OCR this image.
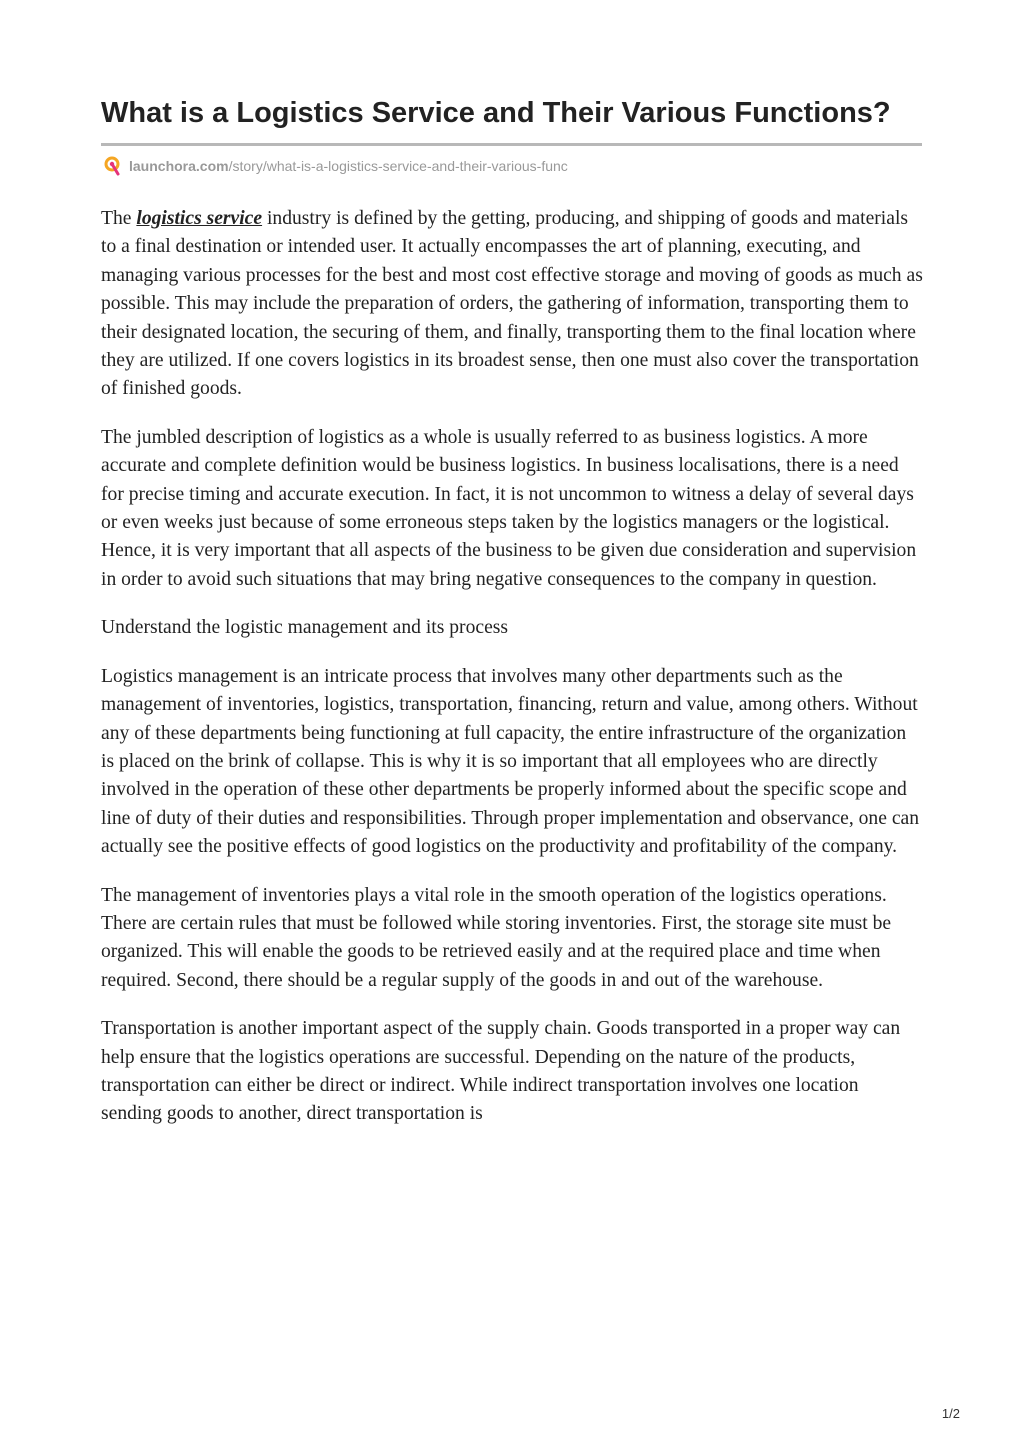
What is a Logistics Service and Their Various Functions?
launchora.com/story/what-is-a-logistics-service-and-their-various-func

The logistics service industry is defined by the getting, producing, and shipping of goods and materials to a final destination or intended user. It actually encompasses the art of planning, executing, and managing various processes for the best and most cost effective storage and moving of goods as much as possible. This may include the preparation of orders, the gathering of information, transporting them to their designated location, the securing of them, and finally, transporting them to the final location where they are utilized. If one covers logistics in its broadest sense, then one must also cover the transportation of finished goods.

The jumbled description of logistics as a whole is usually referred to as business logistics. A more accurate and complete definition would be business logistics. In business localisations, there is a need for precise timing and accurate execution. In fact, it is not uncommon to witness a delay of several days or even weeks just because of some erroneous steps taken by the logistics managers or the logistical. Hence, it is very important that all aspects of the business to be given due consideration and supervision in order to avoid such situations that may bring negative consequences to the company in question.

Understand the logistic management and its process

Logistics management is an intricate process that involves many other departments such as the management of inventories, logistics, transportation, financing, return and value, among others. Without any of these departments being functioning at full capacity, the entire infrastructure of the organization is placed on the brink of collapse. This is why it is so important that all employees who are directly involved in the operation of these other departments be properly informed about the specific scope and line of duty of their duties and responsibilities. Through proper implementation and observance, one can actually see the positive effects of good logistics on the productivity and profitability of the company.

The management of inventories plays a vital role in the smooth operation of the logistics operations. There are certain rules that must be followed while storing inventories. First, the storage site must be organized. This will enable the goods to be retrieved easily and at the required place and time when required. Second, there should be a regular supply of the goods in and out of the warehouse.

Transportation is another important aspect of the supply chain. Goods transported in a proper way can help ensure that the logistics operations are successful. Depending on the nature of the products, transportation can either be direct or indirect. While indirect transportation involves one location sending goods to another, direct transportation is

1/2
